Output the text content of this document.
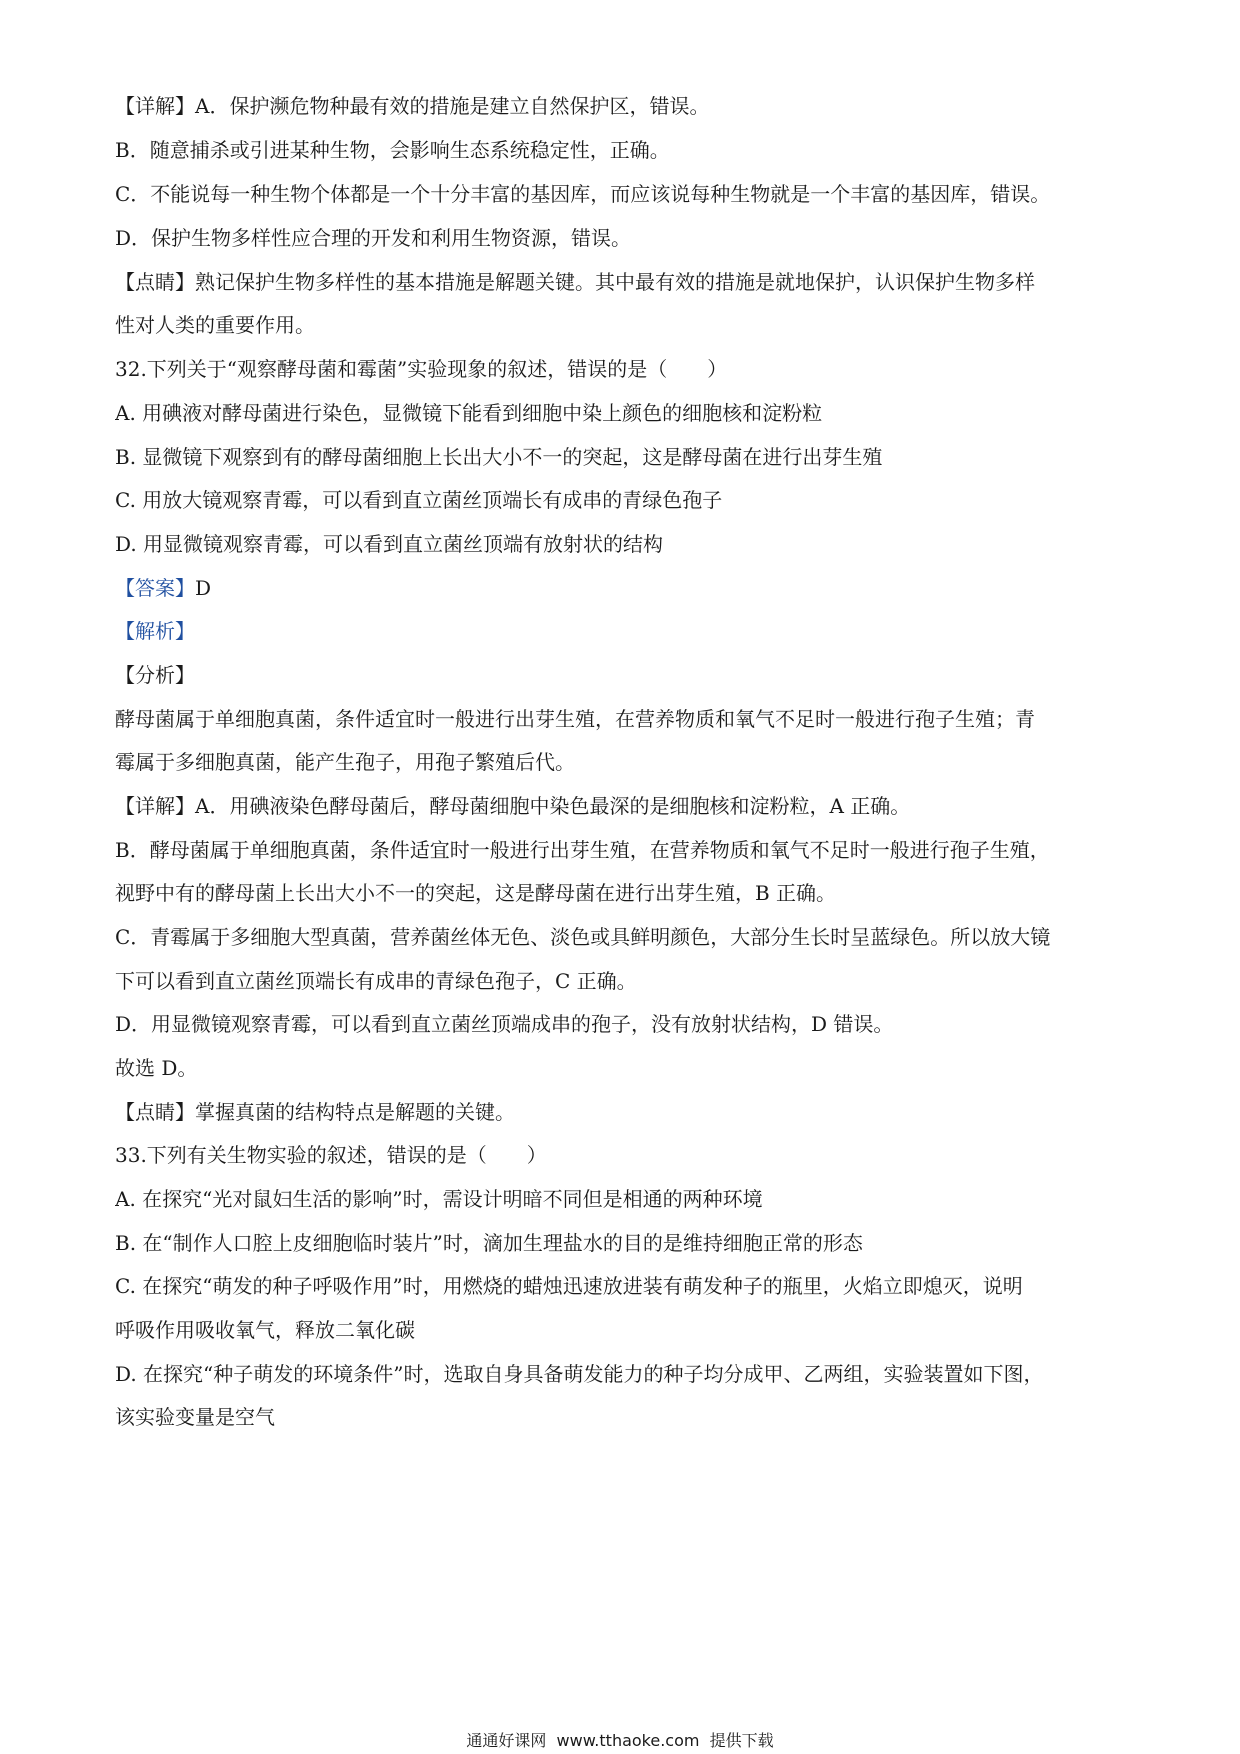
【详解】A．保护濒危物种最有效的措施是建立自然保护区，错误。
B．随意捕杀或引进某种生物，会影响生态系统稳定性，正确。
C．不能说每一种生物个体都是一个十分丰富的基因库，而应该说每种生物就是一个丰富的基因库，错误。
D．保护生物多样性应合理的开发和利用生物资源，错误。
【点睛】熟记保护生物多样性的基本措施是解题关键。其中最有效的措施是就地保护，认识保护生物多样
性对人类的重要作用。
32.下列关于“观察酵母菌和霉菌”实验现象的叙述，错误的是（　　）
A. 用碘液对酵母菌进行染色，显微镜下能看到细胞中染上颜色的细胞核和淀粉粒
B. 显微镜下观察到有的酵母菌细胞上长出大小不一的突起，这是酵母菌在进行出芽生殖
C. 用放大镜观察青霉，可以看到直立菌丝顶端长有成串的青绿色孢子
D. 用显微镜观察青霉，可以看到直立菌丝顶端有放射状的结构
【答案】D
【解析】
【分析】
酵母菌属于单细胞真菌，条件适宜时一般进行出芽生殖，在营养物质和氧气不足时一般进行孢子生殖；青
霉属于多细胞真菌，能产生孢子，用孢子繁殖后代。
【详解】A．用碘液染色酵母菌后，酵母菌细胞中染色最深的是细胞核和淀粉粒，A 正确。
B．酵母菌属于单细胞真菌，条件适宜时一般进行出芽生殖，在营养物质和氧气不足时一般进行孢子生殖，
视野中有的酵母菌上长出大小不一的突起，这是酵母菌在进行出芽生殖，B 正确。
C．青霉属于多细胞大型真菌，营养菌丝体无色、淡色或具鲜明颜色，大部分生长时呈蓝绿色。所以放大镜
下可以看到直立菌丝顶端长有成串的青绿色孢子，C 正确。
D．用显微镜观察青霉，可以看到直立菌丝顶端成串的孢子，没有放射状结构，D 错误。
故选 D。
【点睛】掌握真菌的结构特点是解题的关键。
33.下列有关生物实验的叙述，错误的是（　　）
A. 在探究“光对鼠妇生活的影响”时，需设计明暗不同但是相通的两种环境
B. 在“制作人口腔上皮细胞临时装片”时，滴加生理盐水的目的是维持细胞正常的形态
C. 在探究“萌发的种子呼吸作用”时，用燃烧的蜡烛迅速放进装有萌发种子的瓶里，火焰立即熄灭，说明
呼吸作用吸收氧气，释放二氧化碳
D. 在探究“种子萌发的环境条件”时，选取自身具备萌发能力的种子均分成甲、乙两组，实验装置如下图，
该实验变量是空气
通通好课网 www.tthaoke.com 提供下载
